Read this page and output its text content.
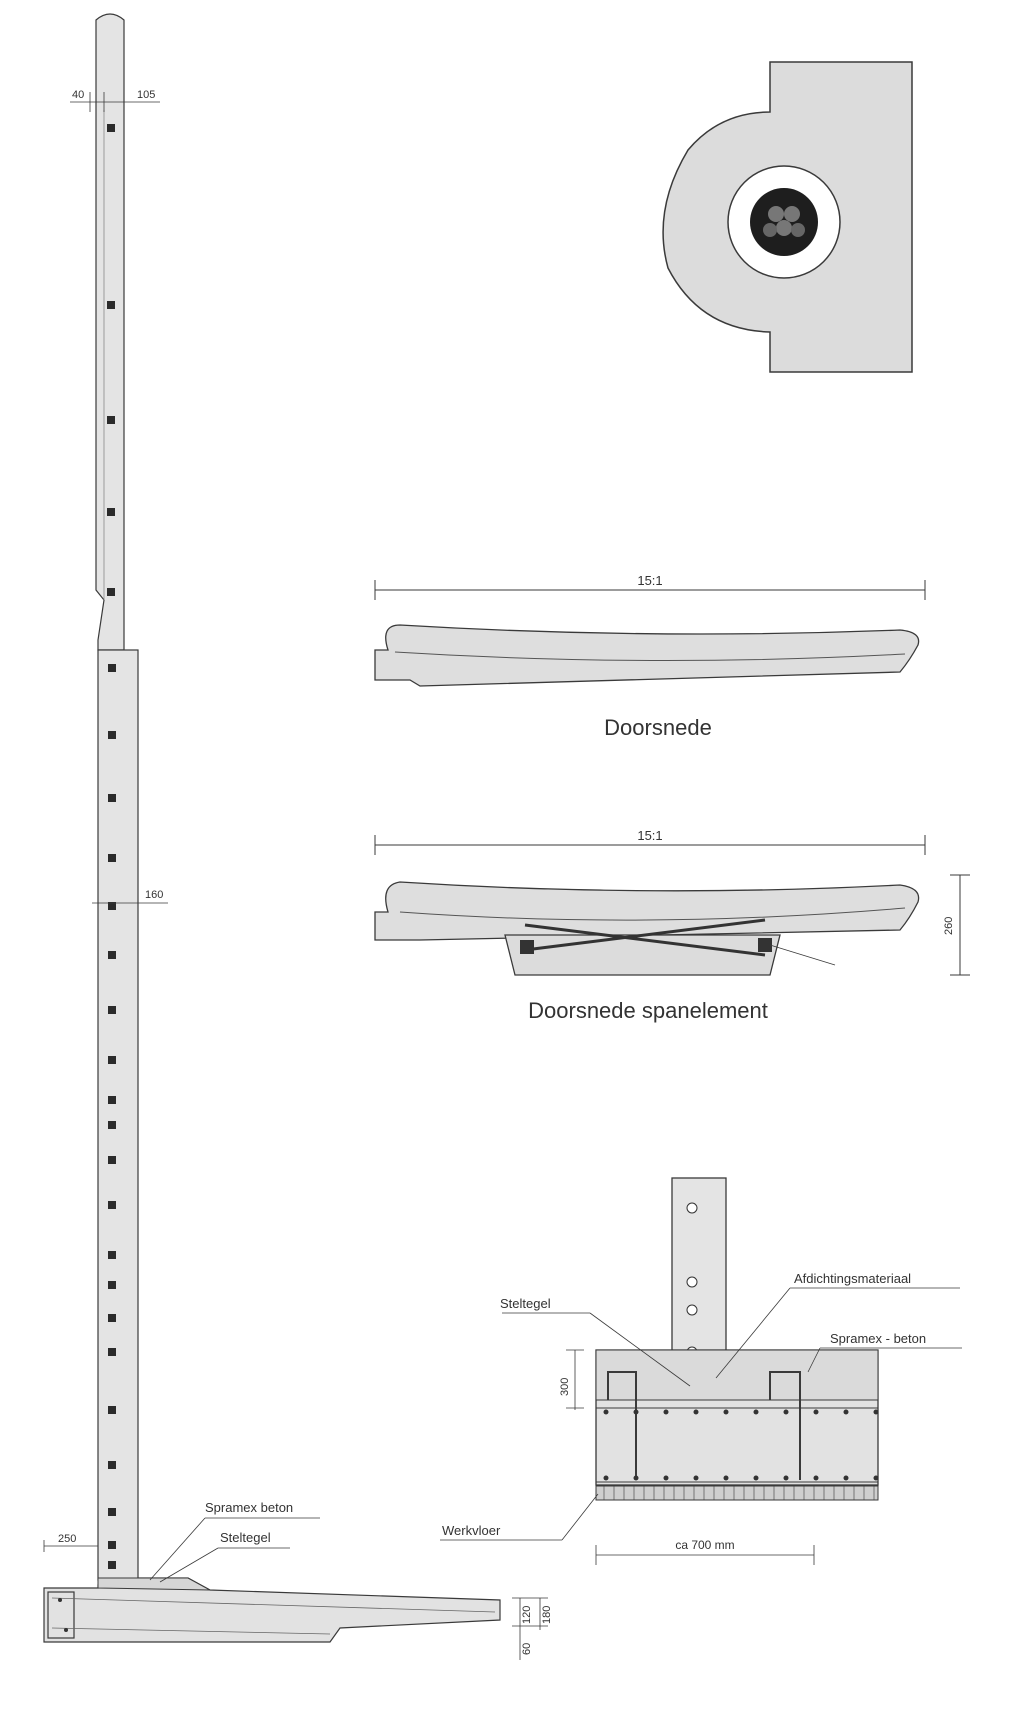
40	105
160
250
Spramex beton
Steltegel
120 180
60
15:1
Doorsnede
15:1
260
Doorsnede spanelement
Steltegel
Afdichtingsmateriaal
Spramex - beton
Werkvloer
300
ca 700 mm
